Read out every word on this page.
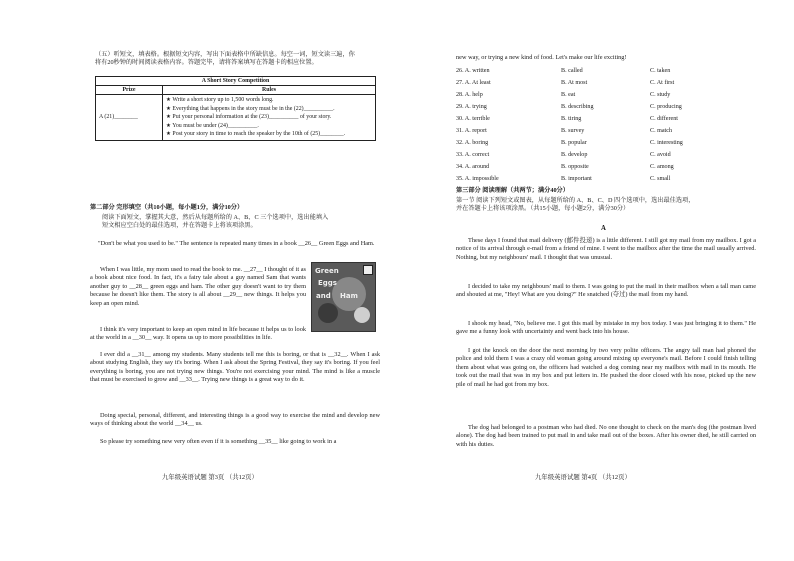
（五）听短文，填表格。根据短文内容，写出下面表格中所缺信息。每空一词，短文读三遍，你
将有20秒钟的时间阅读表格内容。答题完毕，请将答案填写在答题卡的相应位置。
A Short Story Competition	
Prize	Rules
A (21)________	★ Write a short story up to 1,500 words long.
★ Everything that happens in the story must be in the (22)__________.
★ Put your personal information at the (23)__________ of your story.
★ You must be under (24)__________.
★ Post your story in time to reach the speaker by the 10th of (25)________.
第二部分 完形填空（共10小题，每小题1分，满分10分）
阅读下面短文，掌握其大意，然后从每题所给的 A、B、C 三个选项中，选出能填入
短文相应空白处的最佳选项，并在答题卡上将该项涂黑。

"Don't be what you used to be." The sentence is repeated many times in a book __26__ Green Eggs and Ham.

When I was little, my mom used to read the book to me. __27__ I thought of it as a book about nice food. In fact, it's a fairy tale about a guy named Sam that wants another guy to __28__ green eggs and ham. The other guy doesn't want to try them because he doesn't like them. The story is all about __29__ new things. It helps you keep an open mind.

I think it's very important to keep an open mind in life because it helps us to look at the world in a __30__ way. It opens us up to more possibilities in life.

I ever did a __31__ among my students. Many students tell me this is boring, or that is __32__. When I ask about studying English, they say it's boring. When I ask about the Spring Festival, they say it's boring. If you feel everything is boring, you are not trying new things. You're not exercising your mind. The mind is like a muscle that must be exercised to grow and __33__. Trying new things is a great way to do it.

Doing special, personal, different, and interesting things is a good way to exercise the mind and develop new ways of thinking about the world __34__ us.

So please try something new very often even if it is something __35__ like going to work in a

Green
Eggs
and Ham
九年级英语试题 第3页 （共12页）

new way, or trying a new kind of food. Let's make our life exciting!

26. A. written	B. called	C. taken
27. A. At least	B. At most	C. At first
28. A. help	B. eat	C. study
29. A. trying	B. describing	C. producing
30. A. terrible	B. tiring	C. different
31. A. report	B. survey	C. match
32. A. boring	B. popular	C. interesting
33. A. correct	B. develop	C. avoid
34. A. around	B. opposite	C. among
35. A. impossible	B. important	C. small
第三部分 阅读理解（共两节；满分40分）
第一节 阅读下列短文或图表，从每题所给的 A、B、C、D 四个选项中，选出最佳选项，
并在答题卡上将该项涂黑。（共15小题，每小题2分，满分30分）
A

These days I found that mail delivery (邮件投递) is a little different. I still got my mail from my mailbox. I got a notice of its arrival through e-mail from a friend of mine. I went to the mailbox after the time the mail usually arrived. Nothing, but my neighbours' mail. I thought that was unusual.

I decided to take my neighbours' mail to them. I was going to put the mail in their mailbox when a tall man came and shouted at me, "Hey! What are you doing?" He snatched (夺过) the mail from my hand.

I shook my head, "No, believe me. I got this mail by mistake in my box today. I was just bringing it to them." He gave me a funny look with uncertainty and went back into his house.

I got the knock on the door the next morning by two very polite officers. The angry tall man had phoned the police and told them I was a crazy old woman going around mixing up everyone's mail. Before I could finish telling them about what was going on, the officers had watched a dog coming near my mailbox with mail in its mouth. He took out the mail that was in my box and put letters in. He pushed the door closed with his nose, picked up the new pile of mail he had got from my box.

The dog had belonged to a postman who had died. No one thought to check on the man's dog (the postman lived alone). The dog had been trained to put mail in and take mail out of the boxes. After his owner died, he still carried on with his duties.

九年级英语试题 第4页 （共12页）
